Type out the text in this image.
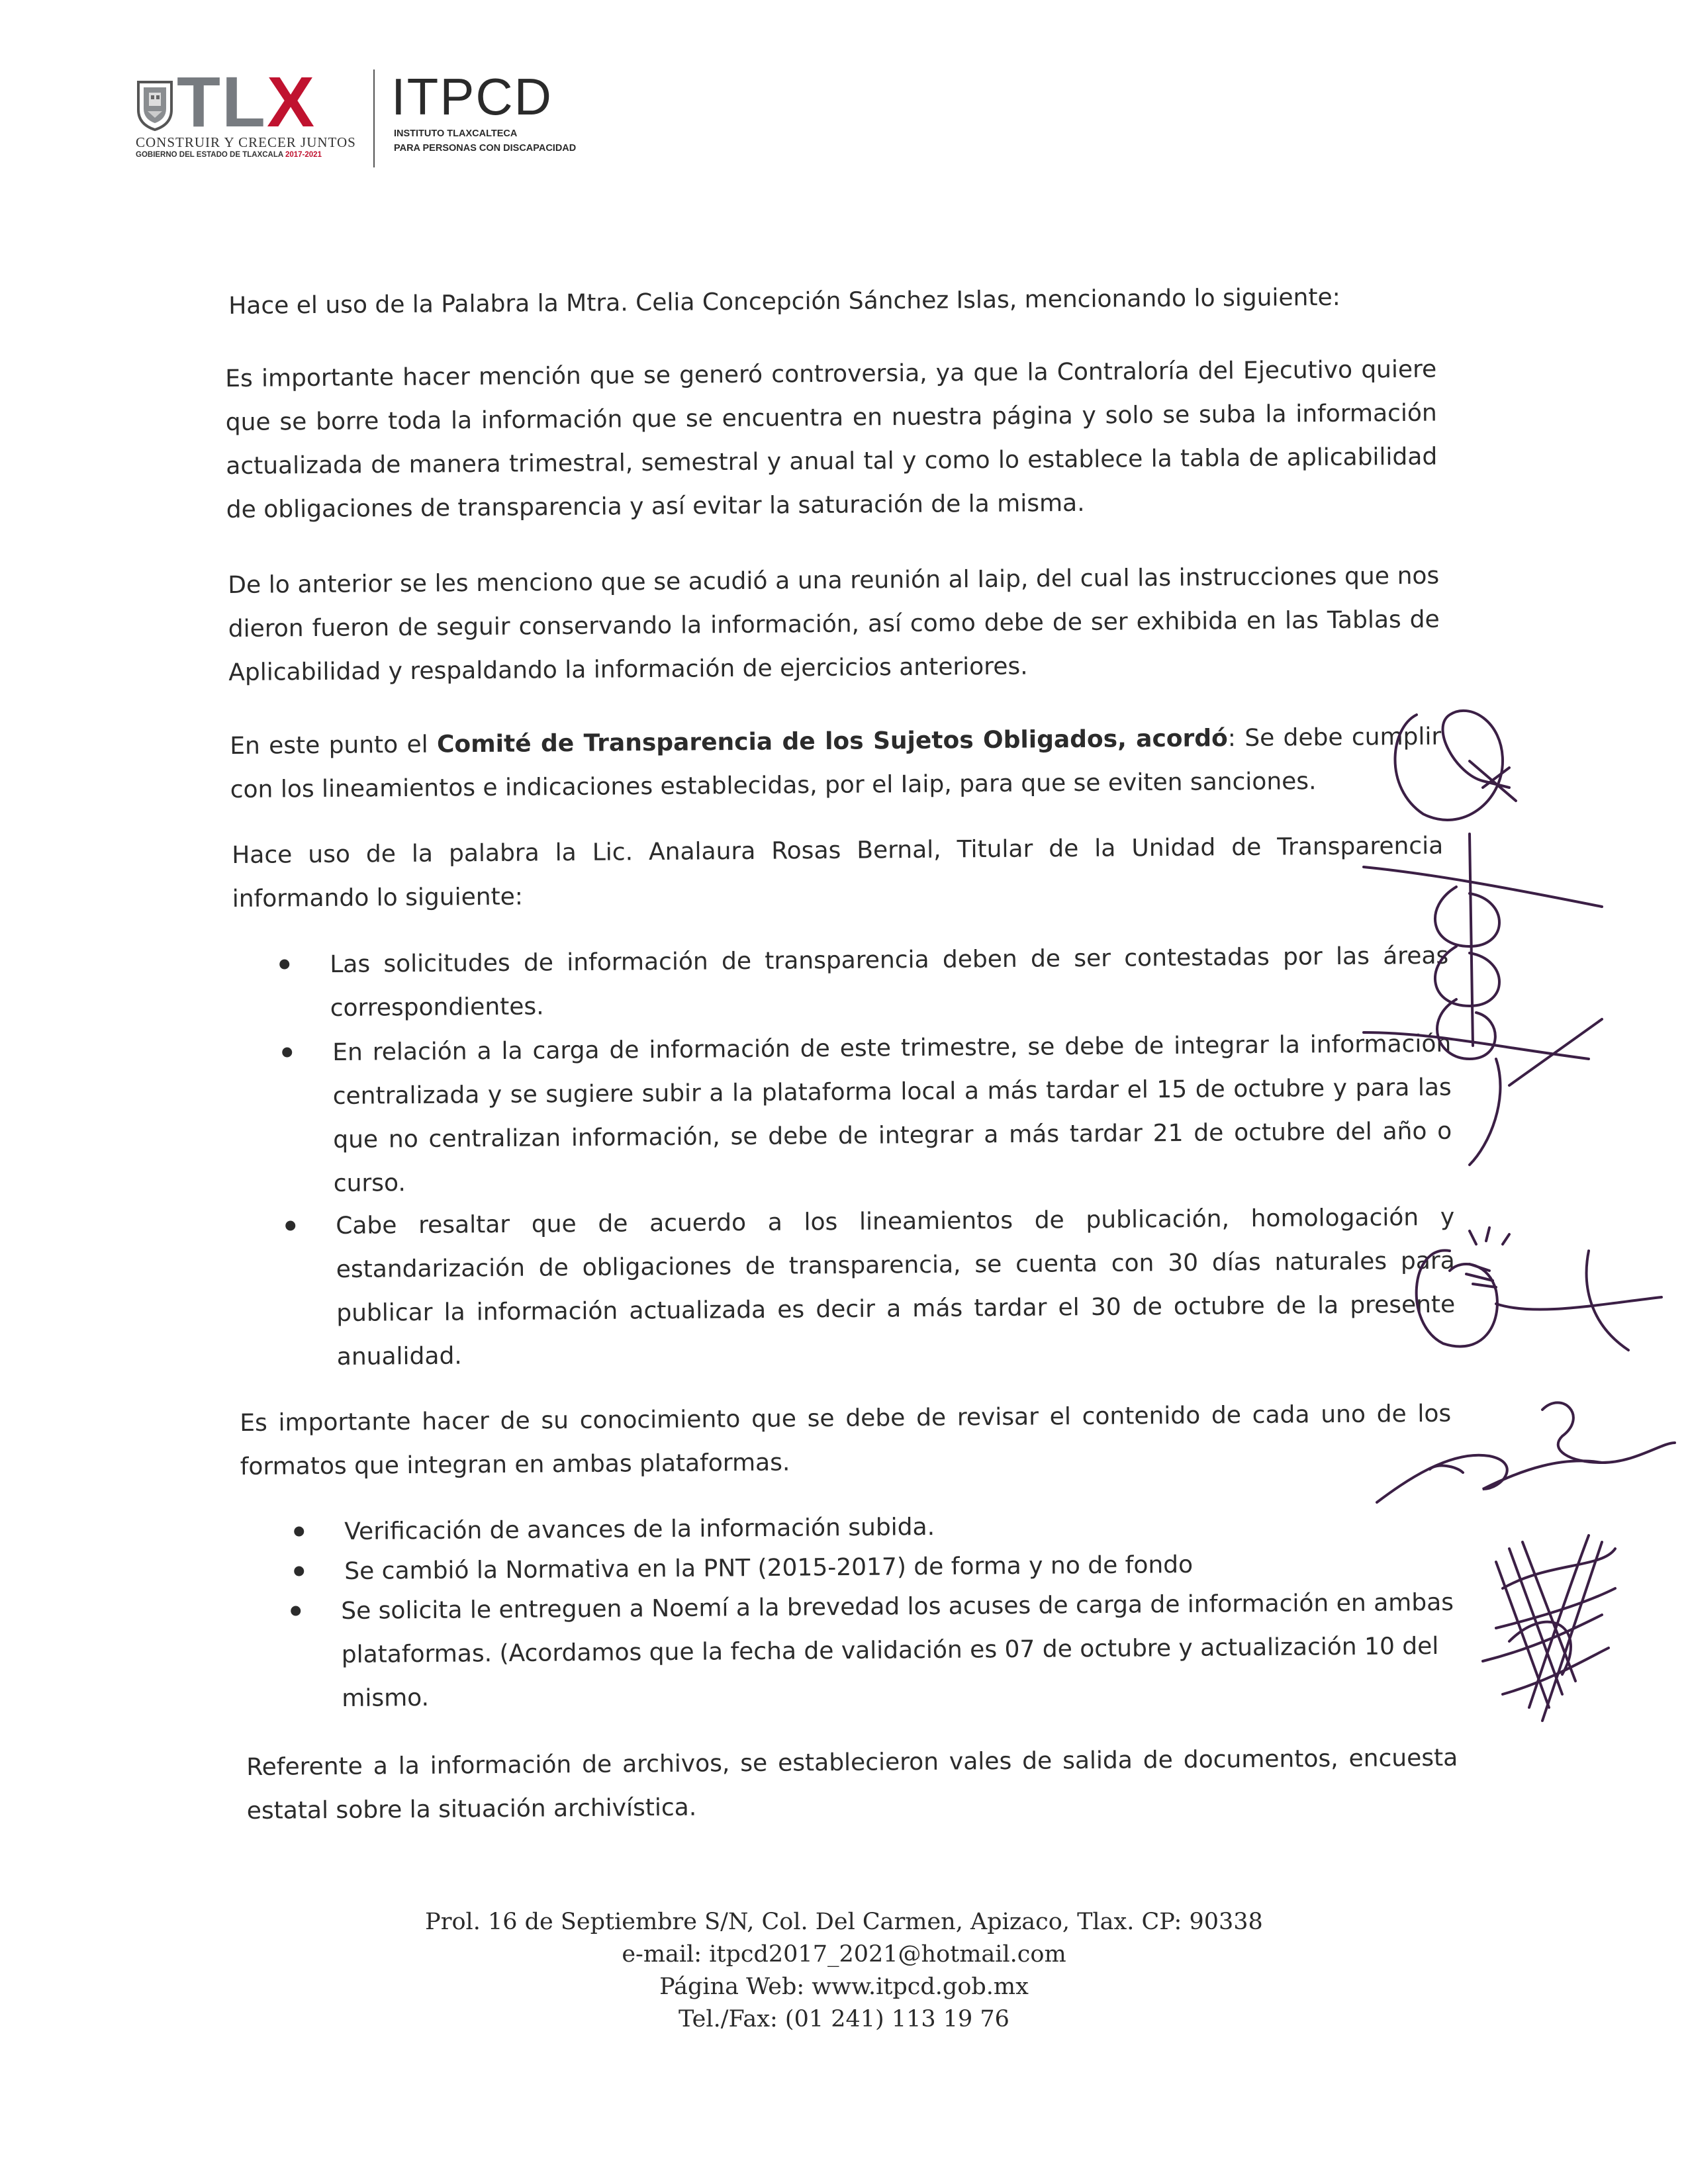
TLX
CONSTRUIR Y CRECER JUNTOS
GOBIERNO DEL ESTADO DE TLAXCALA 2017-2021
ITPCD
INSTITUTO TLAXCALTECA
PARA PERSONAS CON DISCAPACIDAD
Hace el uso de la Palabra la Mtra. Celia Concepción Sánchez Islas, mencionando lo siguiente:
Es importante hacer mención que se generó controversia, ya que la Contraloría del Ejecutivo quiere que se borre toda la información que se encuentra en nuestra página y solo se suba la información actualizada de manera trimestral, semestral y anual tal y como lo establece la tabla de aplicabilidad de obligaciones de transparencia y así evitar la saturación de la misma.
De lo anterior se les menciono que se acudió a una reunión al Iaip, del cual las instrucciones que nos dieron fueron de seguir conservando la información, así como debe de ser exhibida en las Tablas de Aplicabilidad y respaldando la información de ejercicios anteriores.
En este punto el Comité de Transparencia de los Sujetos Obligados, acordó: Se debe cumplir con los lineamientos e indicaciones establecidas, por el Iaip, para que se eviten sanciones.
Hace uso de la palabra la Lic. Analaura Rosas Bernal, Titular de la Unidad de Transparencia informando lo siguiente:
Las solicitudes de información de transparencia deben de ser contestadas por las áreas correspondientes.
En relación a la carga de información de este trimestre, se debe de integrar la información centralizada y se sugiere subir a la plataforma local a más tardar el 15 de octubre y para las que no centralizan información, se debe de integrar a más tardar 21 de octubre del año o curso.
Cabe resaltar que de acuerdo a los lineamientos de publicación, homologación y estandarización de obligaciones de transparencia, se cuenta con 30 días naturales para publicar la información actualizada es decir a más tardar el 30 de octubre de la presente anualidad.
Es importante hacer de su conocimiento que se debe de revisar el contenido de cada uno de los formatos que integran en ambas plataformas.
Verificación de avances de la información subida.
Se cambió la Normativa en la PNT (2015-2017) de forma y no de fondo
Se solicita le entreguen a Noemí a la brevedad los acuses de carga de información en ambas plataformas. (Acordamos que la fecha de validación es 07 de octubre y actualización 10 del mismo.
Referente a la información de archivos, se establecieron vales de salida de documentos, encuesta estatal sobre la situación archivística.
Prol. 16 de Septiembre S/N, Col. Del Carmen, Apizaco, Tlax. CP: 90338
e-mail: itpcd2017_2021@hotmail.com
Página Web: www.itpcd.gob.mx
Tel./Fax: (01 241) 113 19 76
